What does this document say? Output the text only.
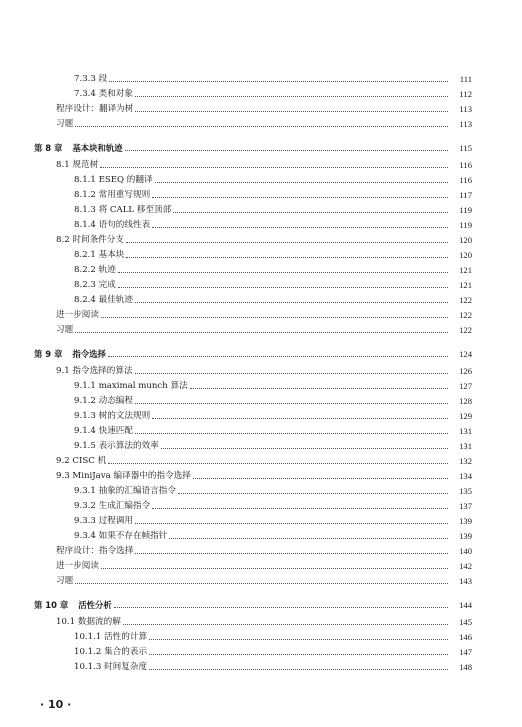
7.3.3 段	111
7.3.4 类和对象	112
程序设计：翻译为树	113
习题	113
第 8 章 基本块和轨迹	115
8.1 规范树	116
8.1.1 ESEQ 的翻译	116
8.1.2 常用重写规则	117
8.1.3 将 CALL 移至顶部	119
8.1.4 语句的线性表	119
8.2 时间条件分支	120
8.2.1 基本块	120
8.2.2 轨迹	121
8.2.3 完成	121
8.2.4 最佳轨迹	122
进一步阅读	122
习题	122
第 9 章 指令选择	124
9.1 指令选择的算法	126
9.1.1 maximal munch 算法	127
9.1.2 动态编程	128
9.1.3 树的文法规则	129
9.1.4 快速匹配	131
9.1.5 表示算法的效率	131
9.2 CISC 机	132
9.3 MiniJava 编译器中的指令选择	134
9.3.1 抽象的汇编语言指令	135
9.3.2 生成汇编指令	137
9.3.3 过程调用	139
9.3.4 如果不存在帧指针	139
程序设计：指令选择	140
进一步阅读	142
习题	143
第 10 章 活性分析	144
10.1 数据流的解	145
10.1.1 活性的计算	146
10.1.2 集合的表示	147
10.1.3 时间复杂度	148
· 10 ·
